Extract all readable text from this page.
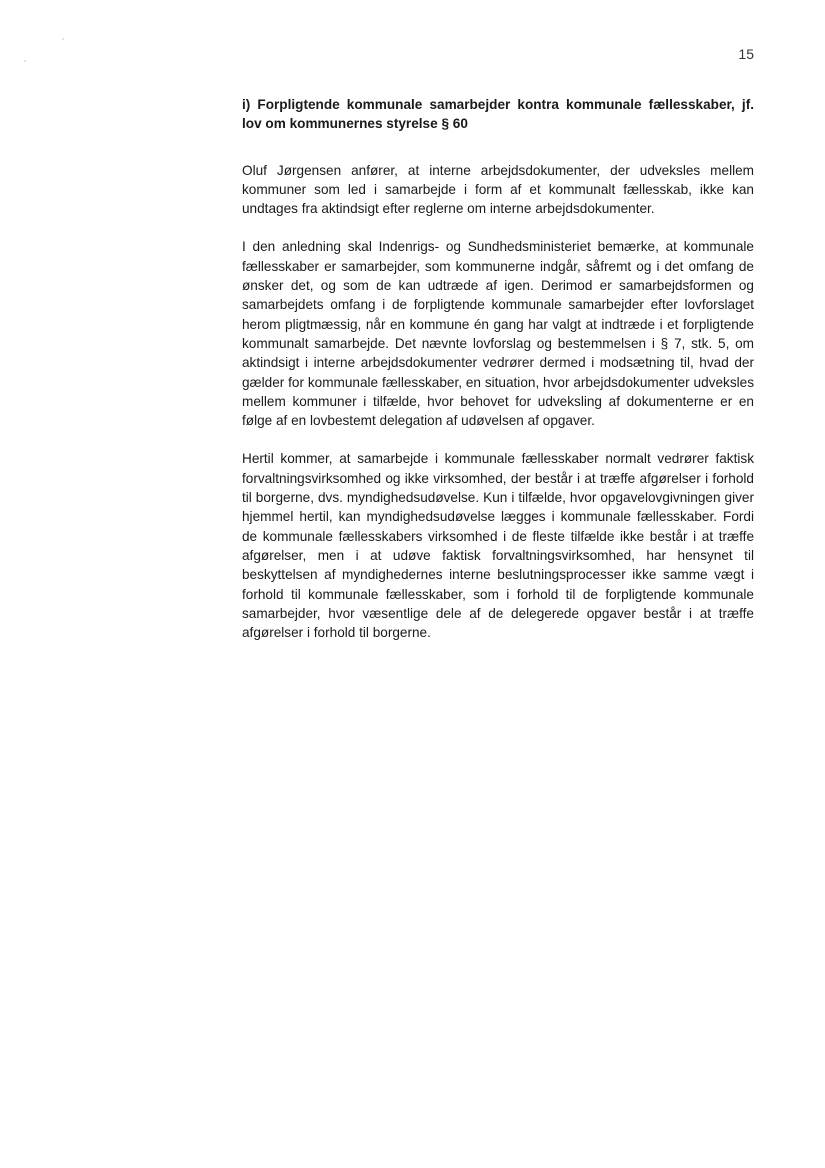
15

i) Forpligtende kommunale samarbejder kontra kommunale fællesskaber, jf. lov om kommunernes styrelse § 60

Oluf Jørgensen anfører, at interne arbejdsdokumenter, der udveksles mellem kommuner som led i samarbejde i form af et kommunalt fællesskab, ikke kan undtages fra aktindsigt efter reglerne om interne arbejdsdokumenter.

I den anledning skal Indenrigs- og Sundhedsministeriet bemærke, at kommunale fællesskaber er samarbejder, som kommunerne indgår, såfremt og i det omfang de ønsker det, og som de kan udtræde af igen. Derimod er samarbejdsformen og samarbejdets omfang i de forpligtende kommunale samarbejder efter lovforslaget herom pligtmæssig, når en kommune én gang har valgt at indtræde i et forpligtende kommunalt samarbejde. Det nævnte lovforslag og bestemmelsen i § 7, stk. 5, om aktindsigt i interne arbejdsdokumenter vedrører dermed i modsætning til, hvad der gælder for kommunale fællesskaber, en situation, hvor arbejdsdokumenter udveksles mellem kommuner i tilfælde, hvor behovet for udveksling af dokumenterne er en følge af en lovbestemt delegation af udøvelsen af opgaver.

Hertil kommer, at samarbejde i kommunale fællesskaber normalt vedrører faktisk forvaltningsvirksomhed og ikke virksomhed, der består i at træffe afgørelser i forhold til borgerne, dvs. myndighedsudøvelse. Kun i tilfælde, hvor opgavelovgivningen giver hjemmel hertil, kan myndighedsudøvelse lægges i kommunale fællesskaber. Fordi de kommunale fællesskabers virksomhed i de fleste tilfælde ikke består i at træffe afgørelser, men i at udøve faktisk forvaltningsvirksomhed, har hensynet til beskyttelsen af myndighedernes interne beslutningsprocesser ikke samme vægt i forhold til kommunale fællesskaber, som i forhold til de forpligtende kommunale samarbejder, hvor væsentlige dele af de delegerede opgaver består i at træffe afgørelser i forhold til borgerne.
